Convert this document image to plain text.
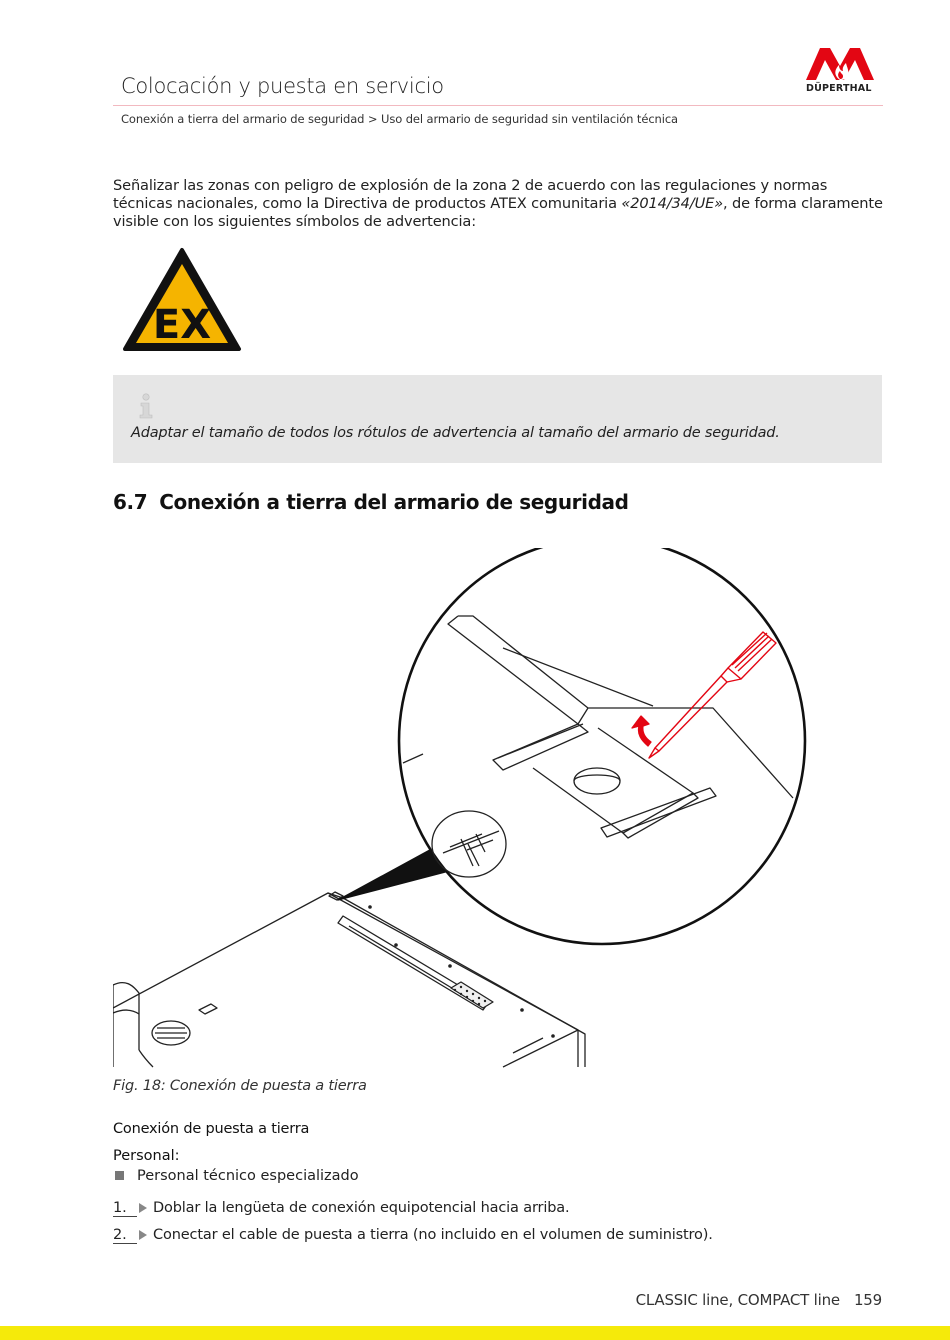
Colocación y puesta en servicio
Conexión a tierra del armario de seguridad > Uso del armario de seguridad sin ventilación técnica
DÜPERTHAL
Señalizar las zonas con peligro de explosión de la zona 2 de acuerdo con las regulaciones y normas técnicas nacionales, como la Directiva de productos ATEX comunitaria «2014/34/UE», de forma claramente visible con los siguientes símbolos de advertencia:
EX
Adaptar el tamaño de todos los rótulos de advertencia al tamaño del armario de seguridad.
6.7 Conexión a tierra del armario de seguridad
Fig. 18: Conexión de puesta a tierra
Conexión de puesta a tierra
Personal:
Personal técnico especializado
1. Doblar la lengüeta de conexión equipotencial hacia arriba.
2. Conectar el cable de puesta a tierra (no incluido en el volumen de suministro).
CLASSIC line, COMPACT line 159
